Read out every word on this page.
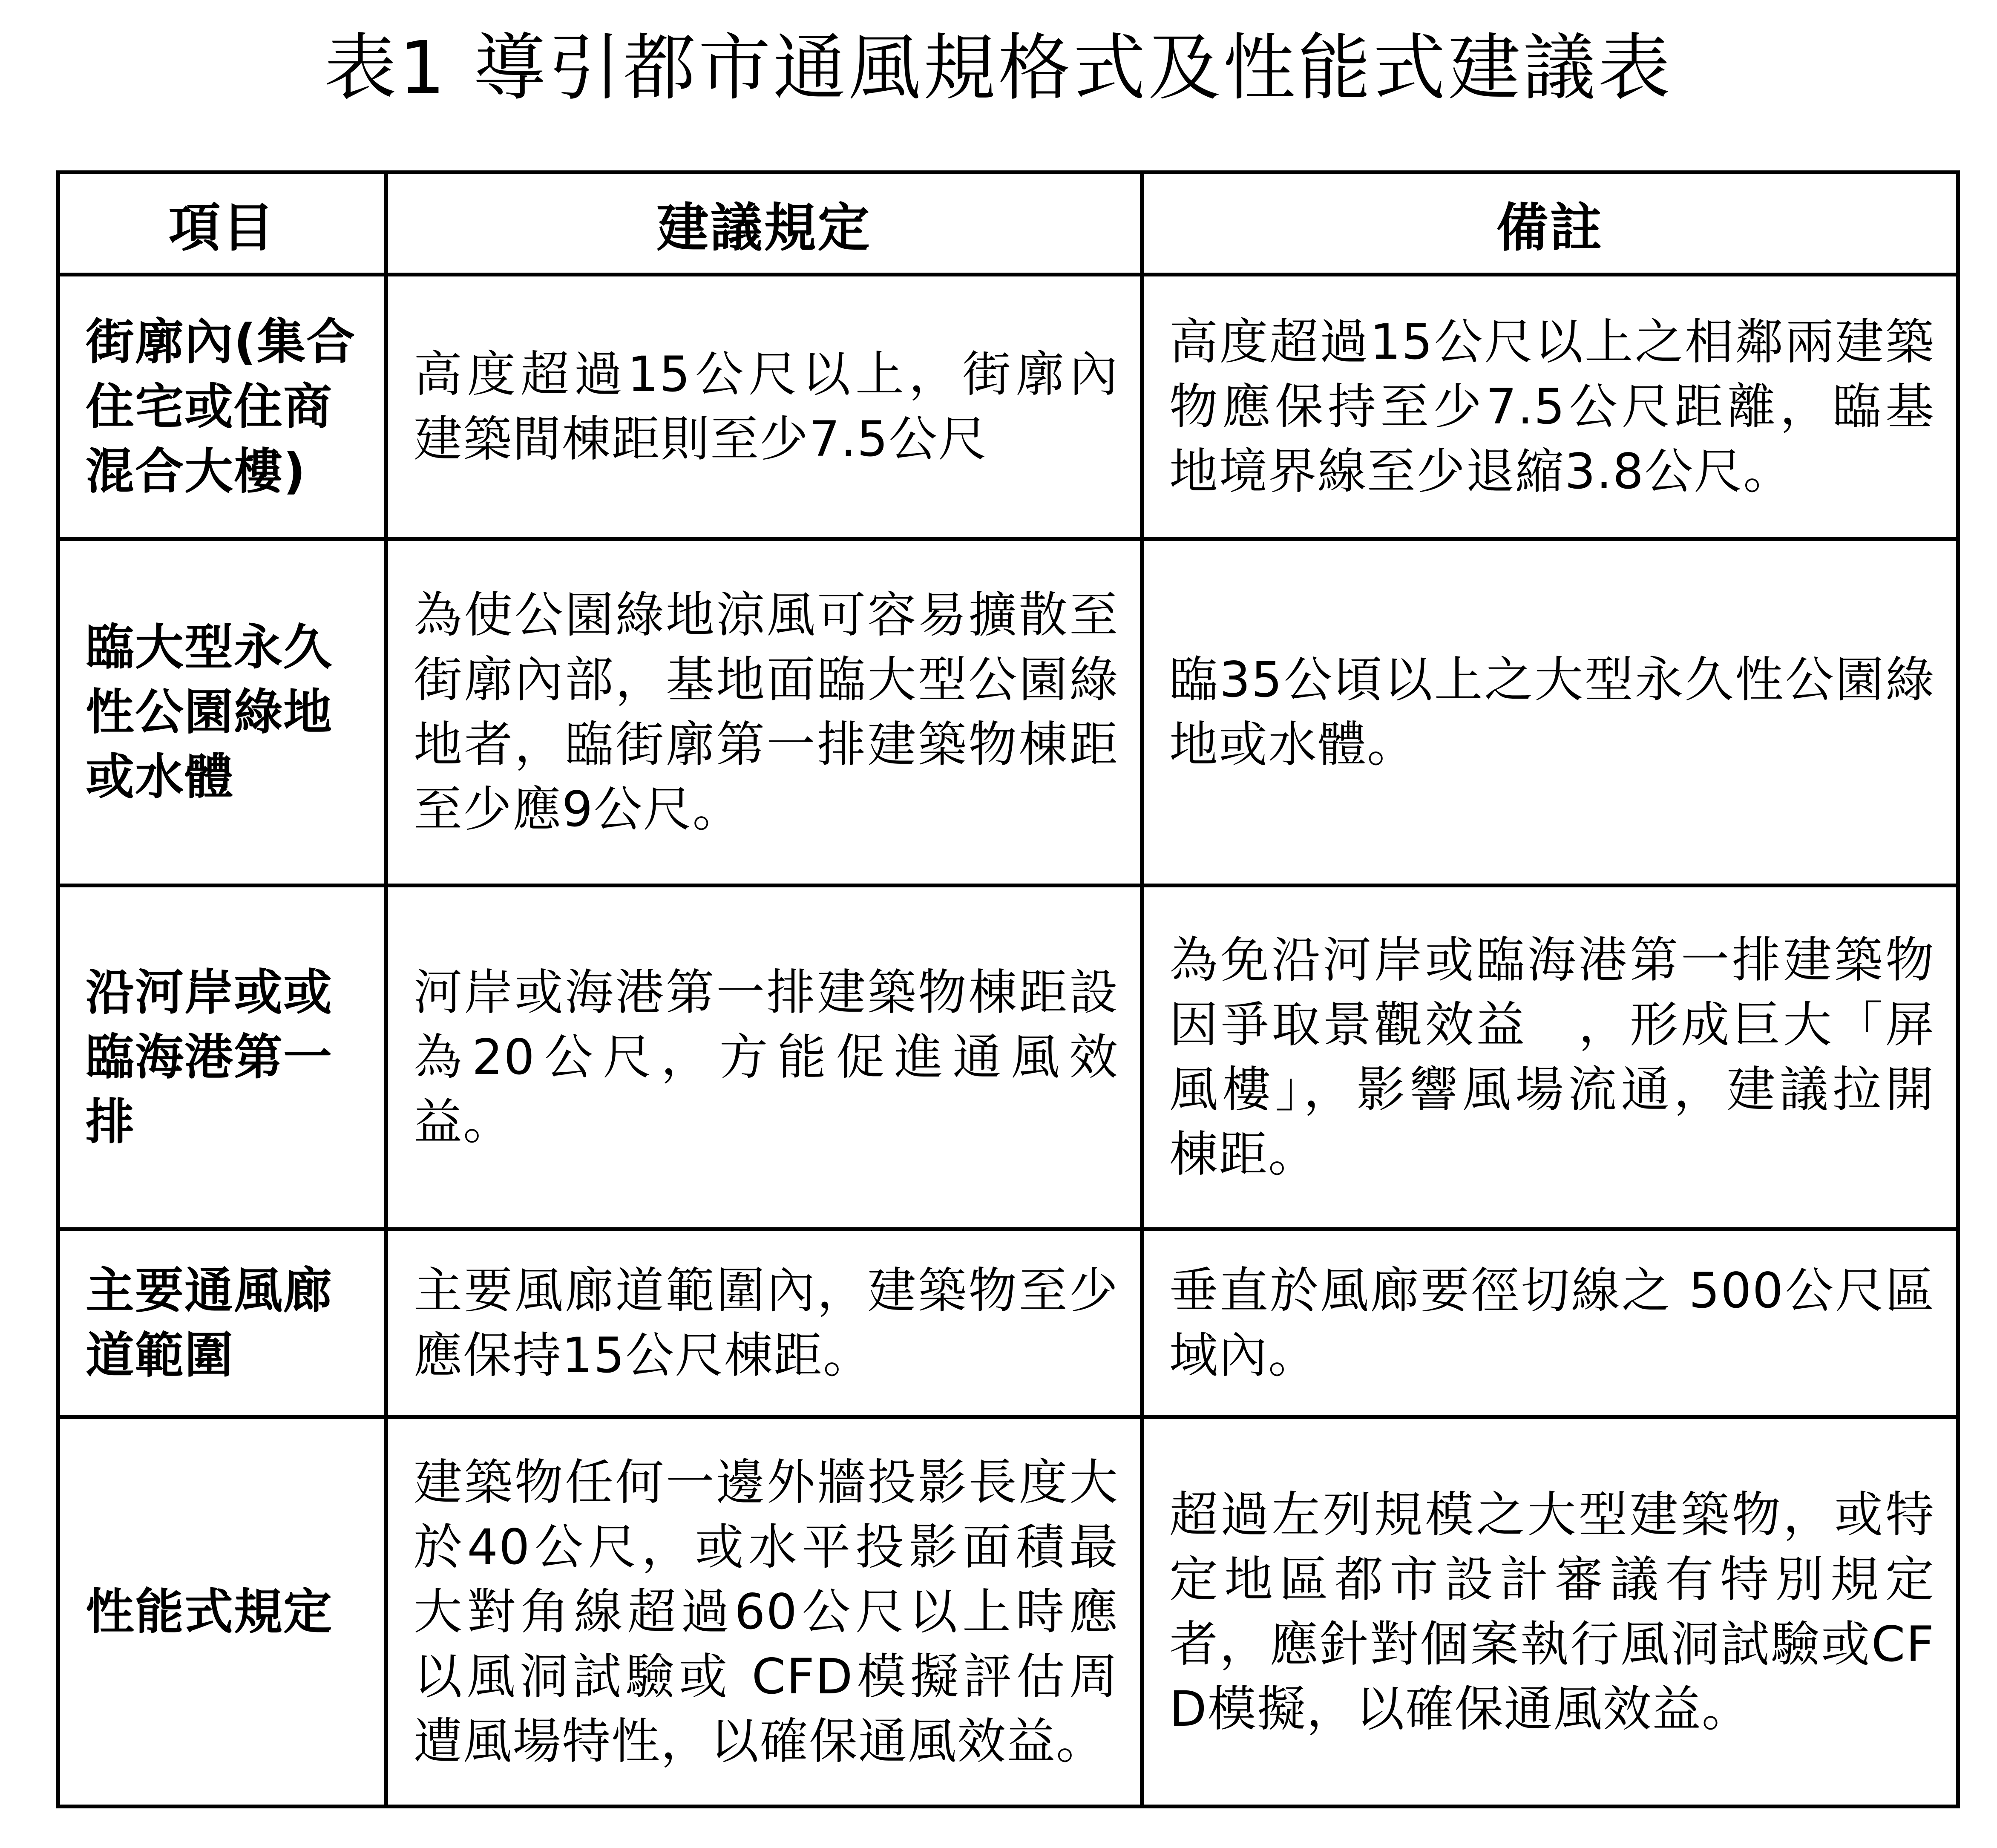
表1 導引都市通風規格式及性能式建議表
項目	建議規定	備註

街廓內(集合住宅或住商混合大樓)	高度超過15公尺以上，街廓內建築間棟距則至少7.5公尺	高度超過15公尺以上之相鄰兩建築物應保持至少7.5公尺距離，臨基地境界線至少退縮3.8公尺。

臨大型永久性公園綠地或水體	為使公園綠地涼風可容易擴散至街廓內部，基地面臨大型公園綠地者，臨街廓第一排建築物棟距至少應9公尺。	臨35公頃以上之大型永久性公園綠地或水體。

沿河岸或或臨海港第一排	河岸或海港第一排建築物棟距設為20公尺，方能促進通風效益。	為免沿河岸或臨海港第一排建築物因爭取景觀效益　，形成巨大「屏風樓」，影響風場流通，建議拉開棟距。

主要通風廊道範圍	主要風廊道範圍內，建築物至少應保持15公尺棟距。	垂直於風廊要徑切線之 500公尺區域內。

性能式規定	建築物任何一邊外牆投影長度大於40公尺，或水平投影面積最大對角線超過60公尺以上時應以風洞試驗或 CFD模擬評估周遭風場特性，以確保通風效益。	超過左列規模之大型建築物，或特定地區都市設計審議有特別規定者，應針對個案執行風洞試驗或CFD模擬，以確保通風效益。
